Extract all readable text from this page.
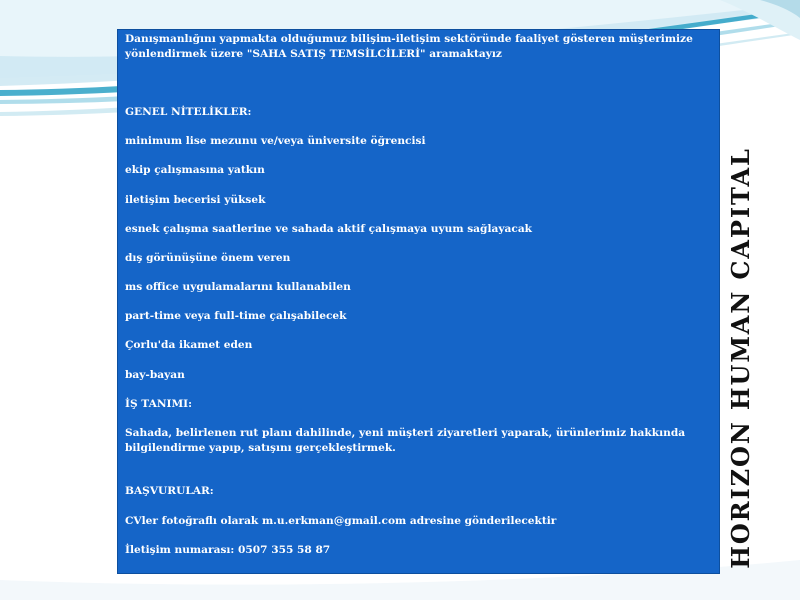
Danışmanlığını yapmakta olduğumuz bilişim-iletişim sektöründe faaliyet gösteren müşterimize yönlendirmek üzere "SAHA SATIŞ TEMSİLCİLERİ" aramaktayız

GENEL NİTELİKLER:

minimum lise mezunu ve/veya üniversite öğrencisi

ekip çalışmasına yatkın

iletişim becerisi yüksek

esnek çalışma saatlerine ve sahada aktif çalışmaya uyum sağlayacak

dış görünüşüne önem veren

ms office uygulamalarını kullanabilen

part-time veya full-time çalışabilecek

Çorlu'da ikamet eden

bay-bayan

İŞ TANIMI:

Sahada, belirlenen rut planı dahilinde, yeni müşteri ziyaretleri yaparak, ürünlerimiz hakkında bilgilendirme yapıp, satışını gerçekleştirmek.

BAŞVURULAR:

CVler fotoğraflı olarak m.u.erkman@gmail.com adresine gönderilecektir

İletişim numarası: 0507 355 58 87	HORIZON HUMAN CAPITAL
